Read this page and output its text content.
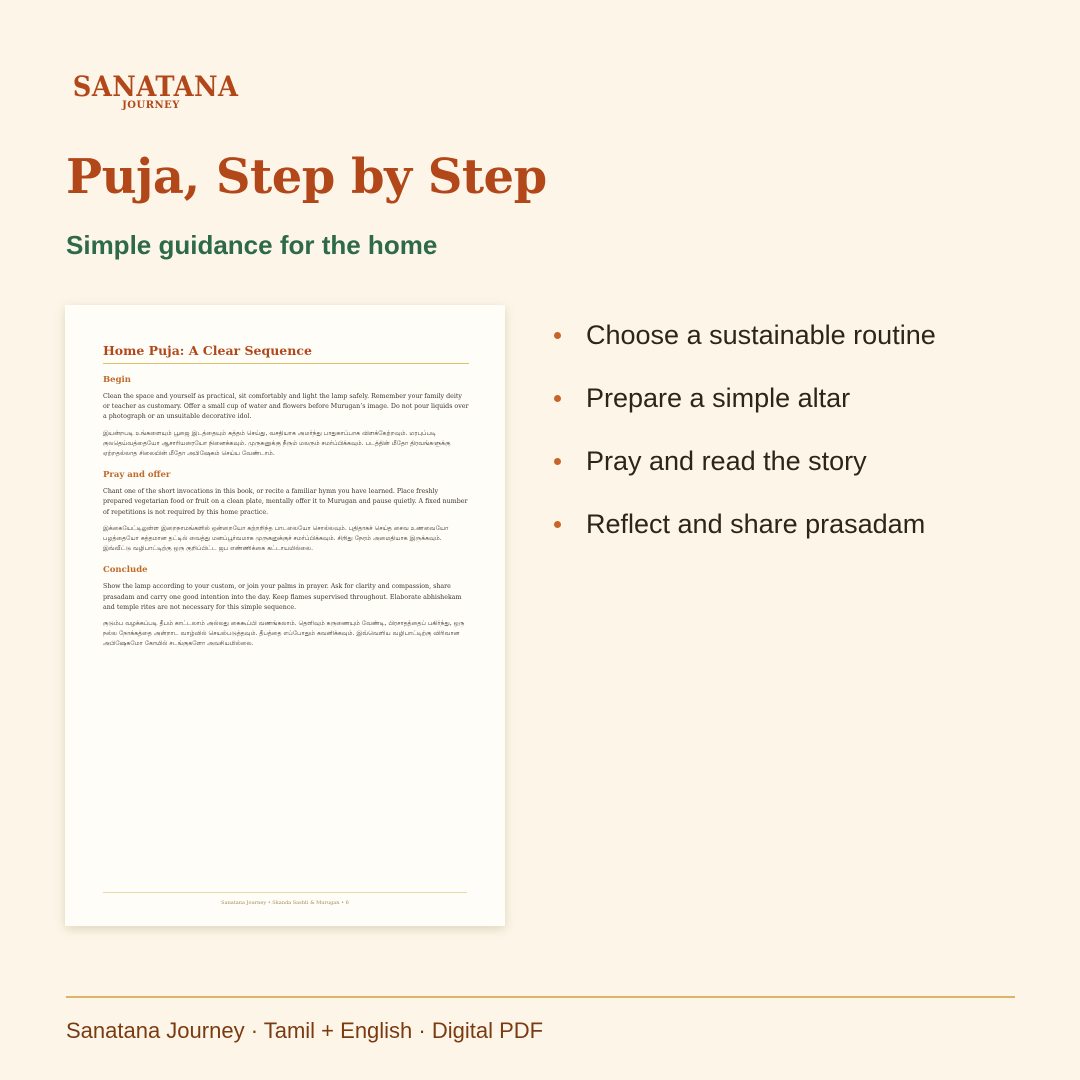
SANATANA
JOURNEY
Puja, Step by Step
Simple guidance for the home
Home Puja: A Clear Sequence
Begin

Clean the space and yourself as practical, sit comfortably and light the lamp safely. Remember your family deity or teacher as customary. Offer a small cup of water and flowers before Murugan’s image. Do not pour liquids over a photograph or an unsuitable decorative idol.

இயன்றபடி உங்களையும் பூஜை இடத்தையும் சுத்தம் செய்து, வசதியாக அமர்ந்து பாதுகாப்பாக விளக்கேற்றவும். மரபுப்படி குலதெய்வத்தையோ ஆசாரியரையோ நினைக்கவும். முருகனுக்கு நீரும் மலரும் சமர்ப்பிக்கவும். படத்தின் மீதோ திரவங்களுக்கு ஏற்றதல்லாத சிலையின் மீதோ அபிஷேகம் செய்ய வேண்டாம்.

Pray and offer

Chant one of the short invocations in this book, or recite a familiar hymn you have learned. Place freshly prepared vegetarian food or fruit on a clean plate, mentally offer it to Murugan and pause quietly. A fixed number of repetitions is not required by this home practice.

இக்கையேட்டிலுள்ள இறைநாமங்களில் ஒன்றையோ கற்றறிந்த பாடலையோ சொல்லவும். புதிதாகச் செய்த சைவ உணவையோ பழத்தையோ சுத்தமான தட்டில் வைத்து மனப்பூர்வமாக முருகனுக்குச் சமர்ப்பிக்கவும். சிறிது நேரம் அமைதியாக இருக்கவும். இவ்வீட்டு வழிபாட்டிற்கு ஒரு குறிப்பிட்ட ஜப எண்ணிக்கை கட்டாயமில்லை.

Conclude

Show the lamp according to your custom, or join your palms in prayer. Ask for clarity and compassion, share prasadam and carry one good intention into the day. Keep flames supervised throughout. Elaborate abhishekam and temple rites are not necessary for this simple sequence.

குடும்ப வழக்கப்படி தீபம் காட்டலாம் அல்லது கைகூப்பி வணங்கலாம். தெளிவும் கருணையும் வேண்டி, பிரசாதத்தைப் பகிர்ந்து, ஒரு நல்ல நோக்கத்தை அன்றாட வாழ்வில் செயல்படுத்தவும். தீபத்தை எப்போதும் கவனிக்கவும். இவ்வெளிய வழிபாட்டிற்கு விரிவான அபிஷேகமோ கோயில் சடங்குகளோ அவசியமில்லை.

Sanatana Journey • Skanda Sashti & Murugan • 6
Choose a sustainable routine
Prepare a simple altar
Pray and read the story
Reflect and share prasadam

Sanatana Journey · Tamil + English · Digital PDF
